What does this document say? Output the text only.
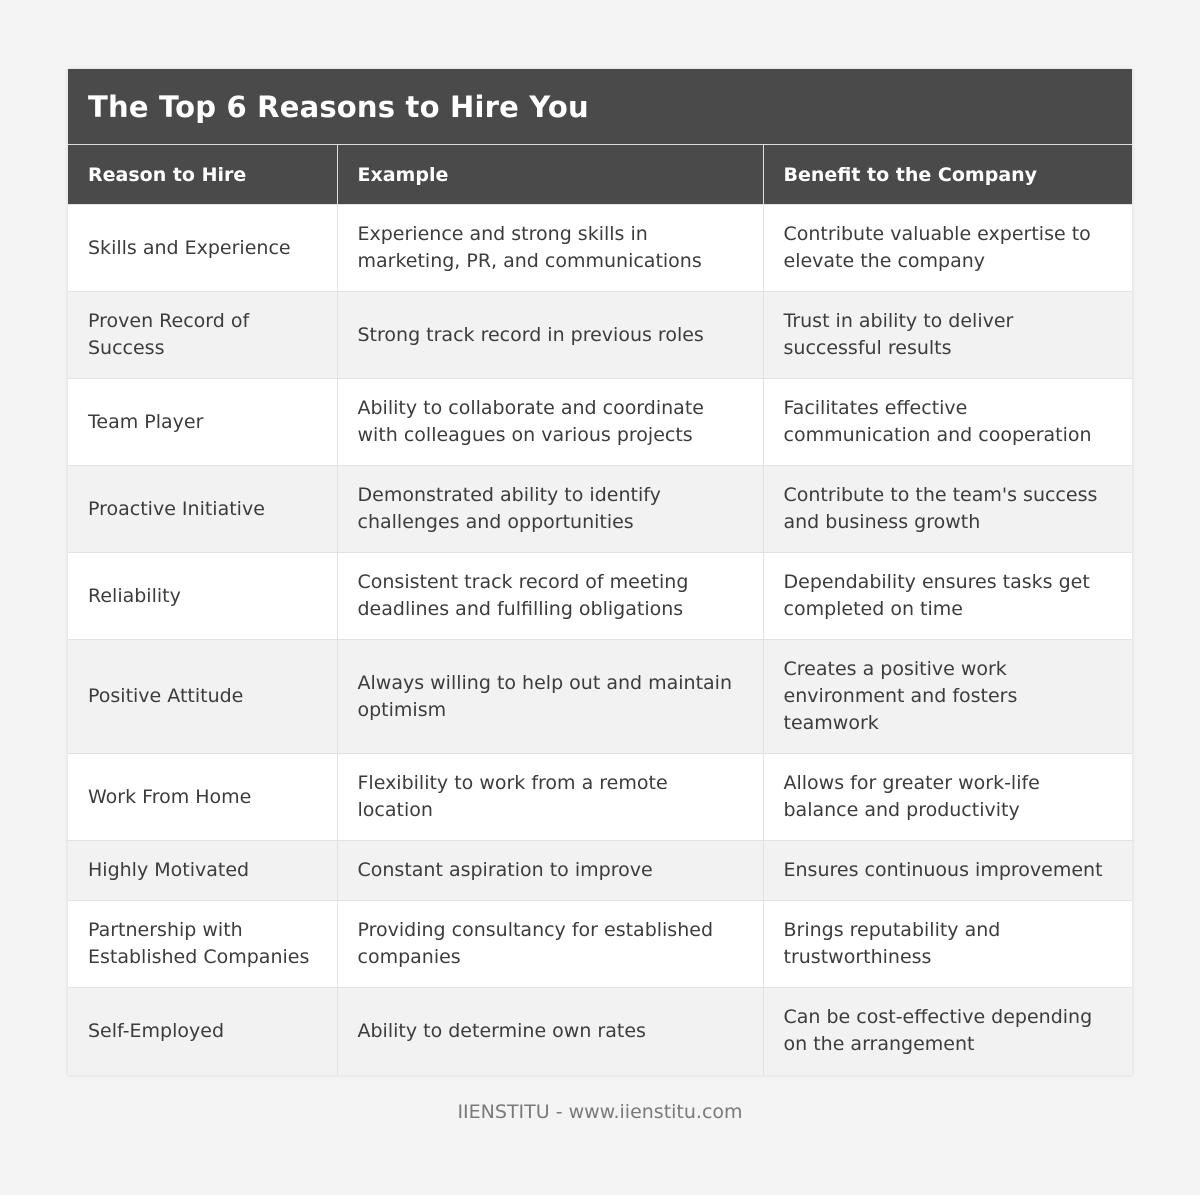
The Top 6 Reasons to Hire You
Reason to Hire	Example	Benefit to the Company
Skills and Experience	Experience and strong skills in marketing, PR, and communications	Contribute valuable expertise to elevate the company
Proven Record of Success	Strong track record in previous roles	Trust in ability to deliver successful results
Team Player	Ability to collaborate and coordinate with colleagues on various projects	Facilitates effective communication and cooperation
Proactive Initiative	Demonstrated ability to identify challenges and opportunities	Contribute to the team's success and business growth
Reliability	Consistent track record of meeting deadlines and fulfilling obligations	Dependability ensures tasks get completed on time
Positive Attitude	Always willing to help out and maintain optimism	Creates a positive work environment and fosters teamwork
Work From Home	Flexibility to work from a remote location	Allows for greater work-life balance and productivity
Highly Motivated	Constant aspiration to improve	Ensures continuous improvement
Partnership with Established Companies	Providing consultancy for established companies	Brings reputability and trustworthiness
Self-Employed	Ability to determine own rates	Can be cost-effective depending on the arrangement
IIENSTITU - www.iienstitu.com
